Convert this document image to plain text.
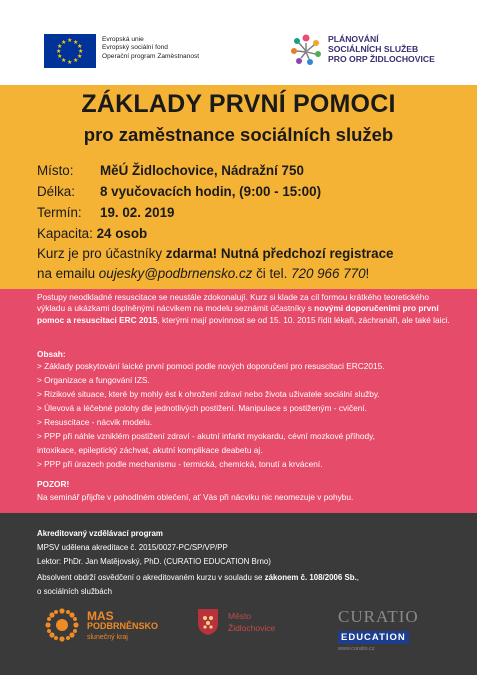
★ ★
★
★
★
★
★
★
★
★
★
★	Evropská unie
Evropský sociální fond
Operační program Zaměstnanost
PLÁNOVÁNÍ
SOCIÁLNÍCH SLUŽEB
PRO ORP ŽIDLOCHOVICE
ZÁKLADY PRVNÍ POMOCI
pro zaměstnance sociálních služeb
Místo: MěÚ Židlochovice, Nádražní 750
Délka: 8 vyučovacích hodin, (9:00 - 15:00)
Termín: 19. 02. 2019
Kapacita: 24 osob
Kurz je pro účastníky zdarma! Nutná předchozí registrace
na emailu oujesky@podbrnensko.cz či tel. 720 966 770!
Postupy neodkladné resuscitace se neustále zdokonalují. Kurz si klade za cíl formou krátkého teoretického výkladu a ukázkami doplněnými nácvikem na modelu seznámit účastníky s novými doporučeními pro první pomoc a resuscitaci ERC 2015, kterými mají povinnost se od 15. 10. 2015 řídit lékaři, záchranáři, ale také laici.
Obsah:
> Základy poskytování laické první pomoci podle nových doporučení pro resuscitaci ERC2015.
> Organizace a fungování IZS.
> Rizikové situace, které by mohly èst k ohrožení zdraví nebo života uživatele sociální služby.
> Úlevová a léčebné polohy dle jednotlivých postižení. Manipulace s postiženým - cvičení.
> Resuscitace - nácvik modelu.
> PPP při náhle vzniklém postižení zdraví - akutní infarkt myokardu, cévní mozkové příhody,
intoxikace, epileptický záchvat, akutní komplikace deabetu aj.
> PPP při úrazech podle mechanismu - termická, chemická, tonutí a krvácení.
POZOR!
Na seminář přijďte v pohodlném oblečení, ať Vás při nácviku nic neomezuje v pohybu.
Akreditovaný vzdělávací program
MPSV udělena akreditace č. 2015/0027-PC/SP/VP/PP
Lektor: PhDr. Jan Matějovský, PhD. (CURATIO EDUCATION Brno)
Absolvent obdrží osvědčení o akreditovaném kurzu v souladu se zákonem č. 108/2006 Sb.,
o sociálních službách
MAS
PODBRNĚNSKO
slunečný kraj
Město
Židlochovice
CURATIO
EDUCATION
www.curatio.cz
